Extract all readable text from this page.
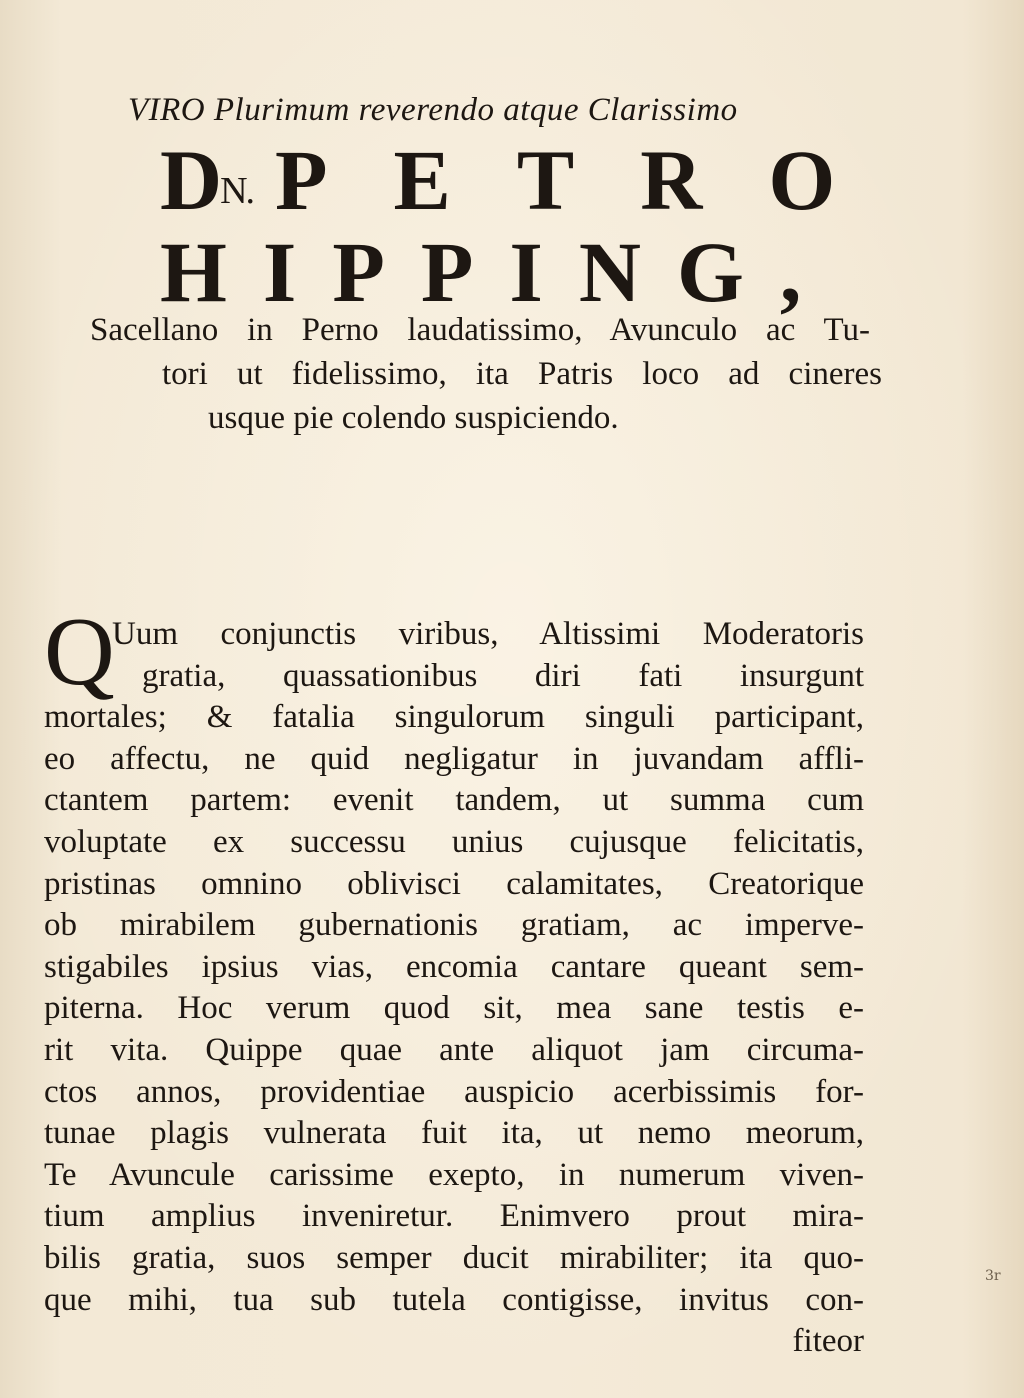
VIRO Plurimum reverendo atque Clarissimo
DN. PETRO
HIPPING,
Sacellano in Perno laudatissimo, Avunculo ac Tu-
tori ut fidelissimo, ita Patris loco ad cineres
usque pie colendo suspiciendo.
Q
Uum conjunctis viribus, Altissimi Moderatoris
gratia, quassationibus diri fati insurgunt
mortales; & fatalia singulorum singuli participant,
eo affectu, ne quid negligatur in juvandam affli-
ctantem partem: evenit tandem, ut summa cum
voluptate ex successu unius cujusque felicitatis,
pristinas omnino oblivisci calamitates, Creatorique
ob mirabilem gubernationis gratiam, ac imperve-
stigabiles ipsius vias, encomia cantare queant sem-
piterna. Hoc verum quod sit, mea sane testis e-
rit vita. Quippe quae ante aliquot jam circuma-
ctos annos, providentiae auspicio acerbissimis for-
tunae plagis vulnerata fuit ita, ut nemo meorum,
Te Avuncule carissime exepto, in numerum viven-
tium amplius inveniretur. Enimvero prout mira-
bilis gratia, suos semper ducit mirabiliter; ita quo-
que mihi, tua sub tutela contigisse, invitus con-
fiteor
3r
